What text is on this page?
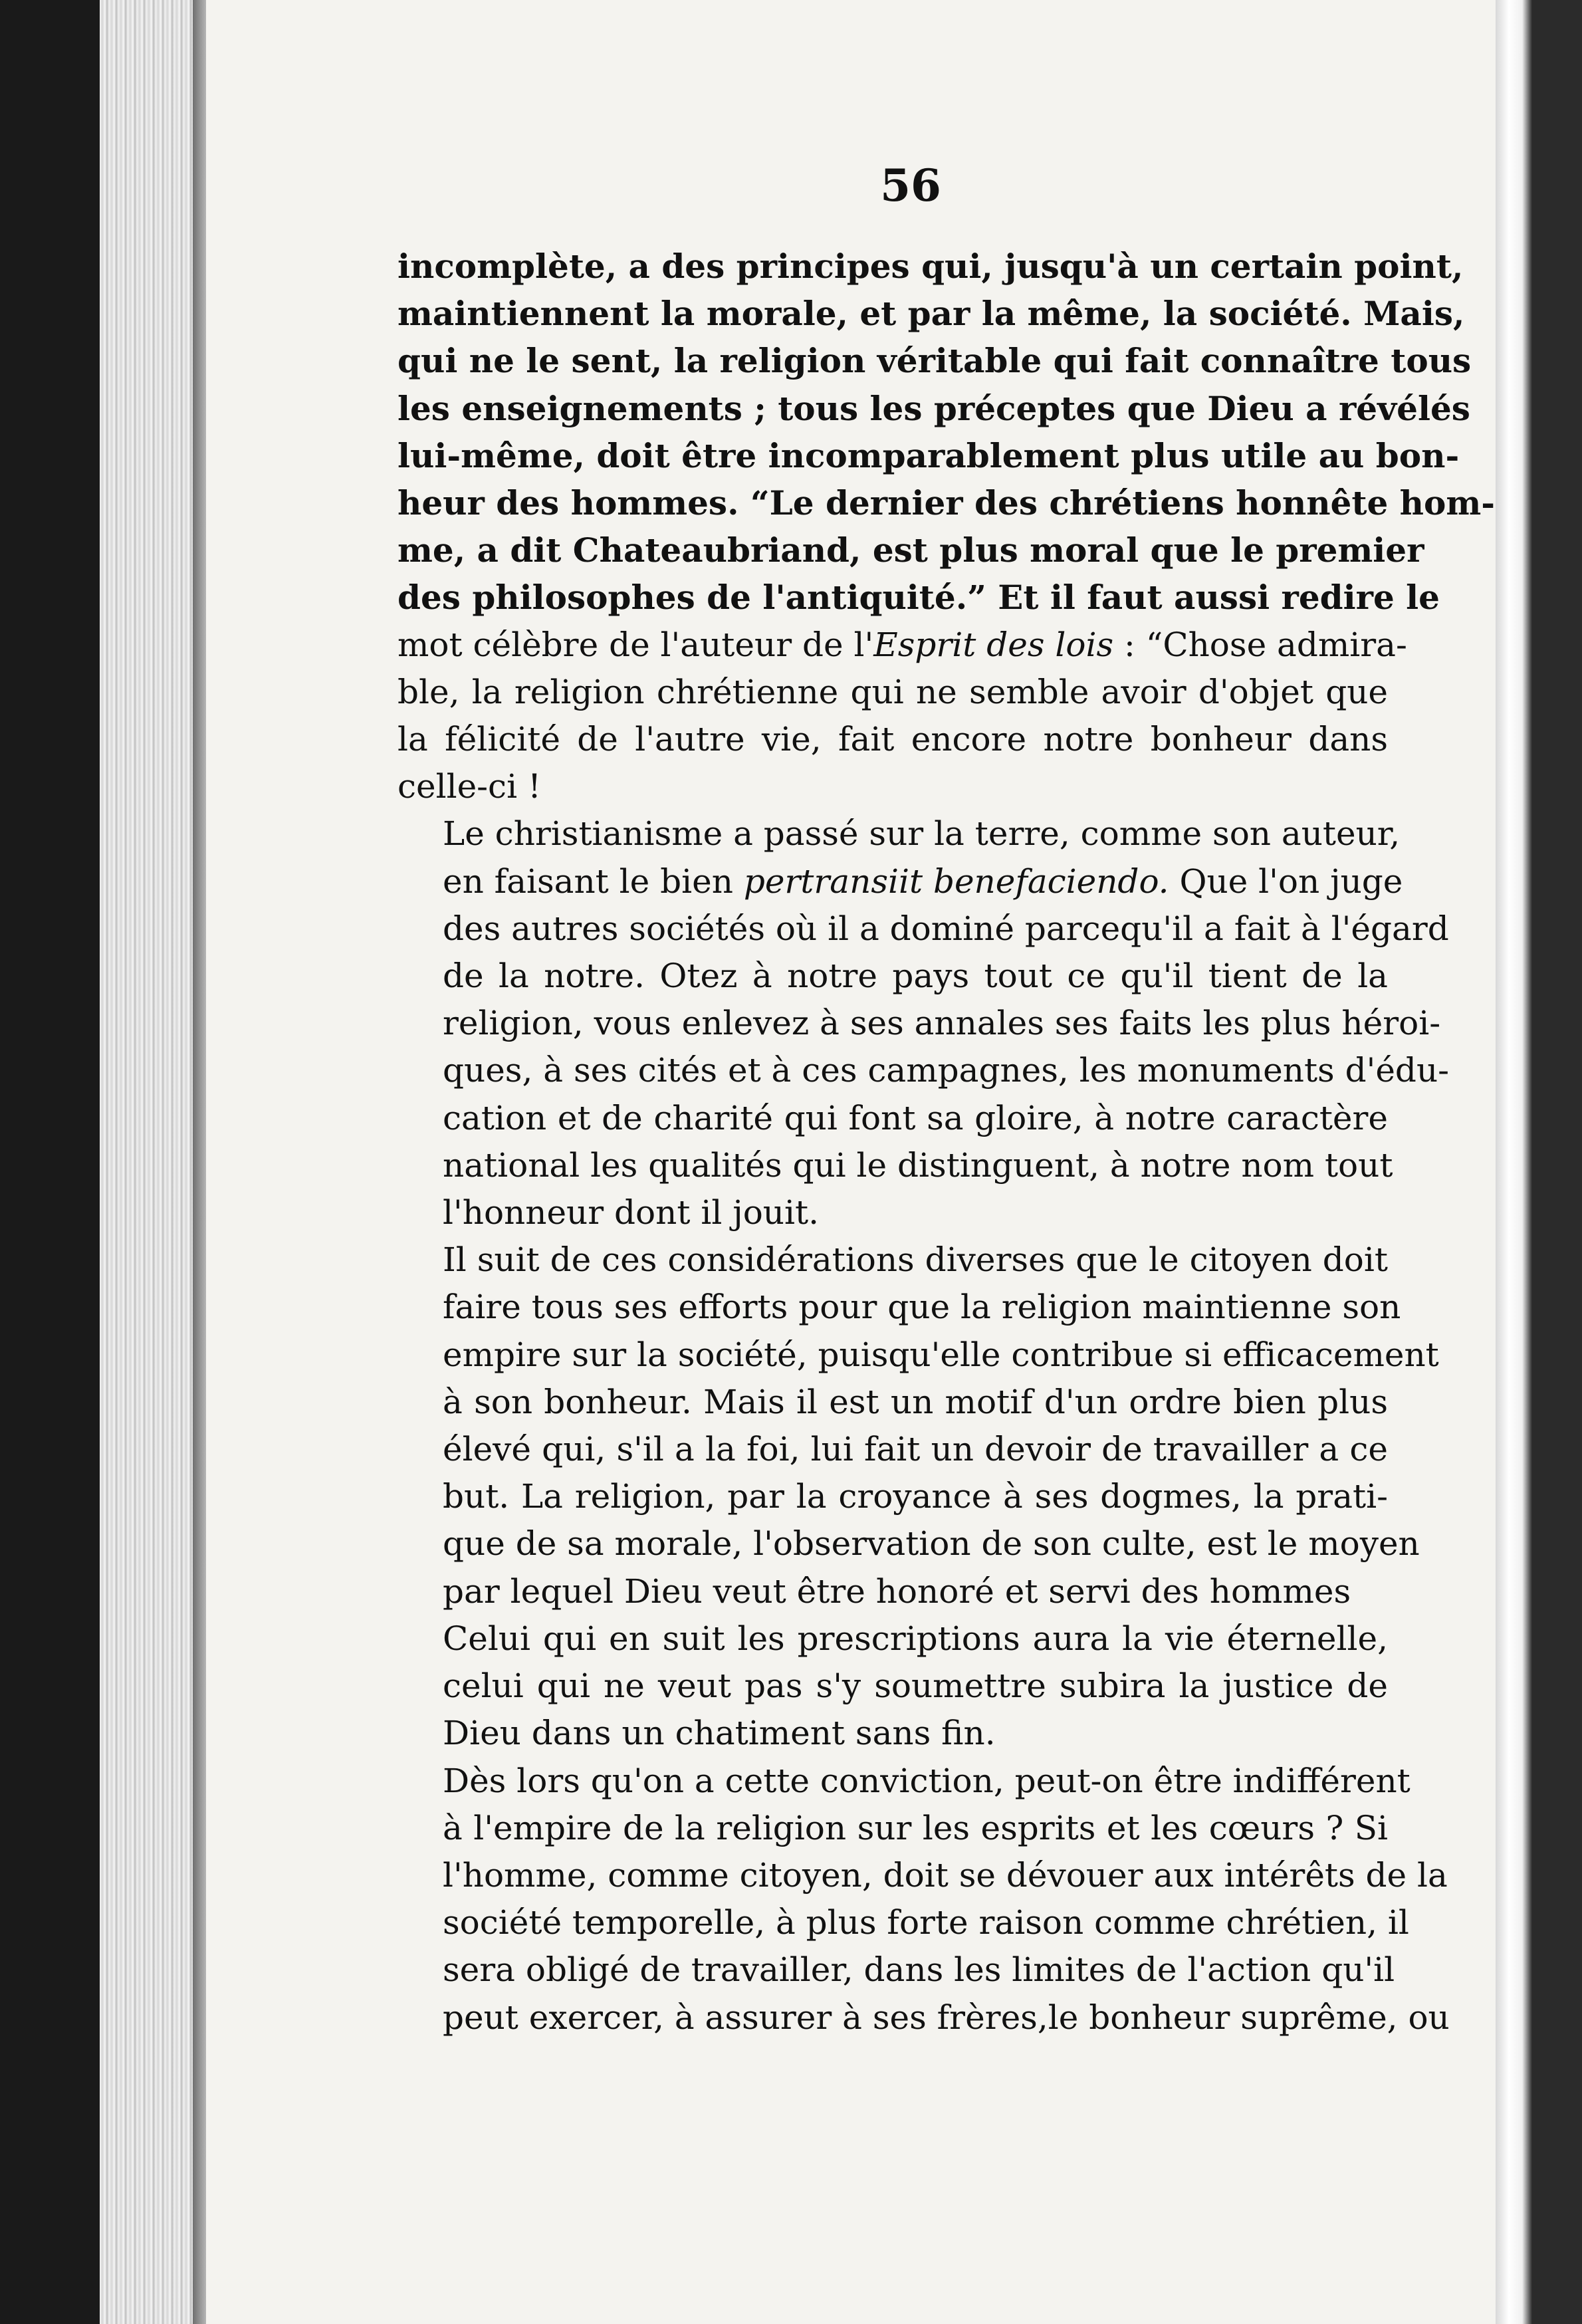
56

incomplète, a des principes qui, jusqu'à un certain point,
maintiennent la morale, et par la même, la société. Mais,
qui ne le sent, la religion véritable qui fait connaître tous
les enseignements ; tous les préceptes que Dieu a révélés
lui-même, doit être incomparablement plus utile au bon-
heur des hommes. “Le dernier des chrétiens honnête hom-
me, a dit Chateaubriand, est plus moral que le premier
des philosophes de l'antiquité.” Et il faut aussi redire le

mot célèbre de l'auteur de l'Esprit des lois : “Chose admira-
ble, la religion chrétienne qui ne semble avoir d'objet que
la félicité de l'autre vie, fait encore notre bonheur dans
celle-ci !

Le christianisme a passé sur la terre, comme son auteur,
en faisant le bien pertransiit benefaciendo. Que l'on juge
des autres sociétés où il a dominé parcequ'il a fait à l'égard
de la notre. Otez à notre pays tout ce qu'il tient de la
religion, vous enlevez à ses annales ses faits les plus héroi-
ques, à ses cités et à ces campagnes, les monuments d'édu-
cation et de charité qui font sa gloire, à notre caractère
national les qualités qui le distinguent, à notre nom tout
l'honneur dont il jouit.

Il suit de ces considérations diverses que le citoyen doit
faire tous ses efforts pour que la religion maintienne son
empire sur la société, puisqu'elle contribue si efficacement
à son bonheur. Mais il est un motif d'un ordre bien plus
élevé qui, s'il a la foi, lui fait un devoir de travailler a ce
but. La religion, par la croyance à ses dogmes, la prati-
que de sa morale, l'observation de son culte, est le moyen
par lequel Dieu veut être honoré et servi des hommes

Celui qui en suit les prescriptions aura la vie éternelle,
celui qui ne veut pas s'y soumettre subira la justice de
Dieu dans un chatiment sans fin.

Dès lors qu'on a cette conviction, peut-on être indifférent
à l'empire de la religion sur les esprits et les cœurs ? Si
l'homme, comme citoyen, doit se dévouer aux intérêts de la
société temporelle, à plus forte raison comme chrétien, il
sera obligé de travailler, dans les limites de l'action qu'il
peut exercer, à assurer à ses frères,le bonheur suprême, ou
